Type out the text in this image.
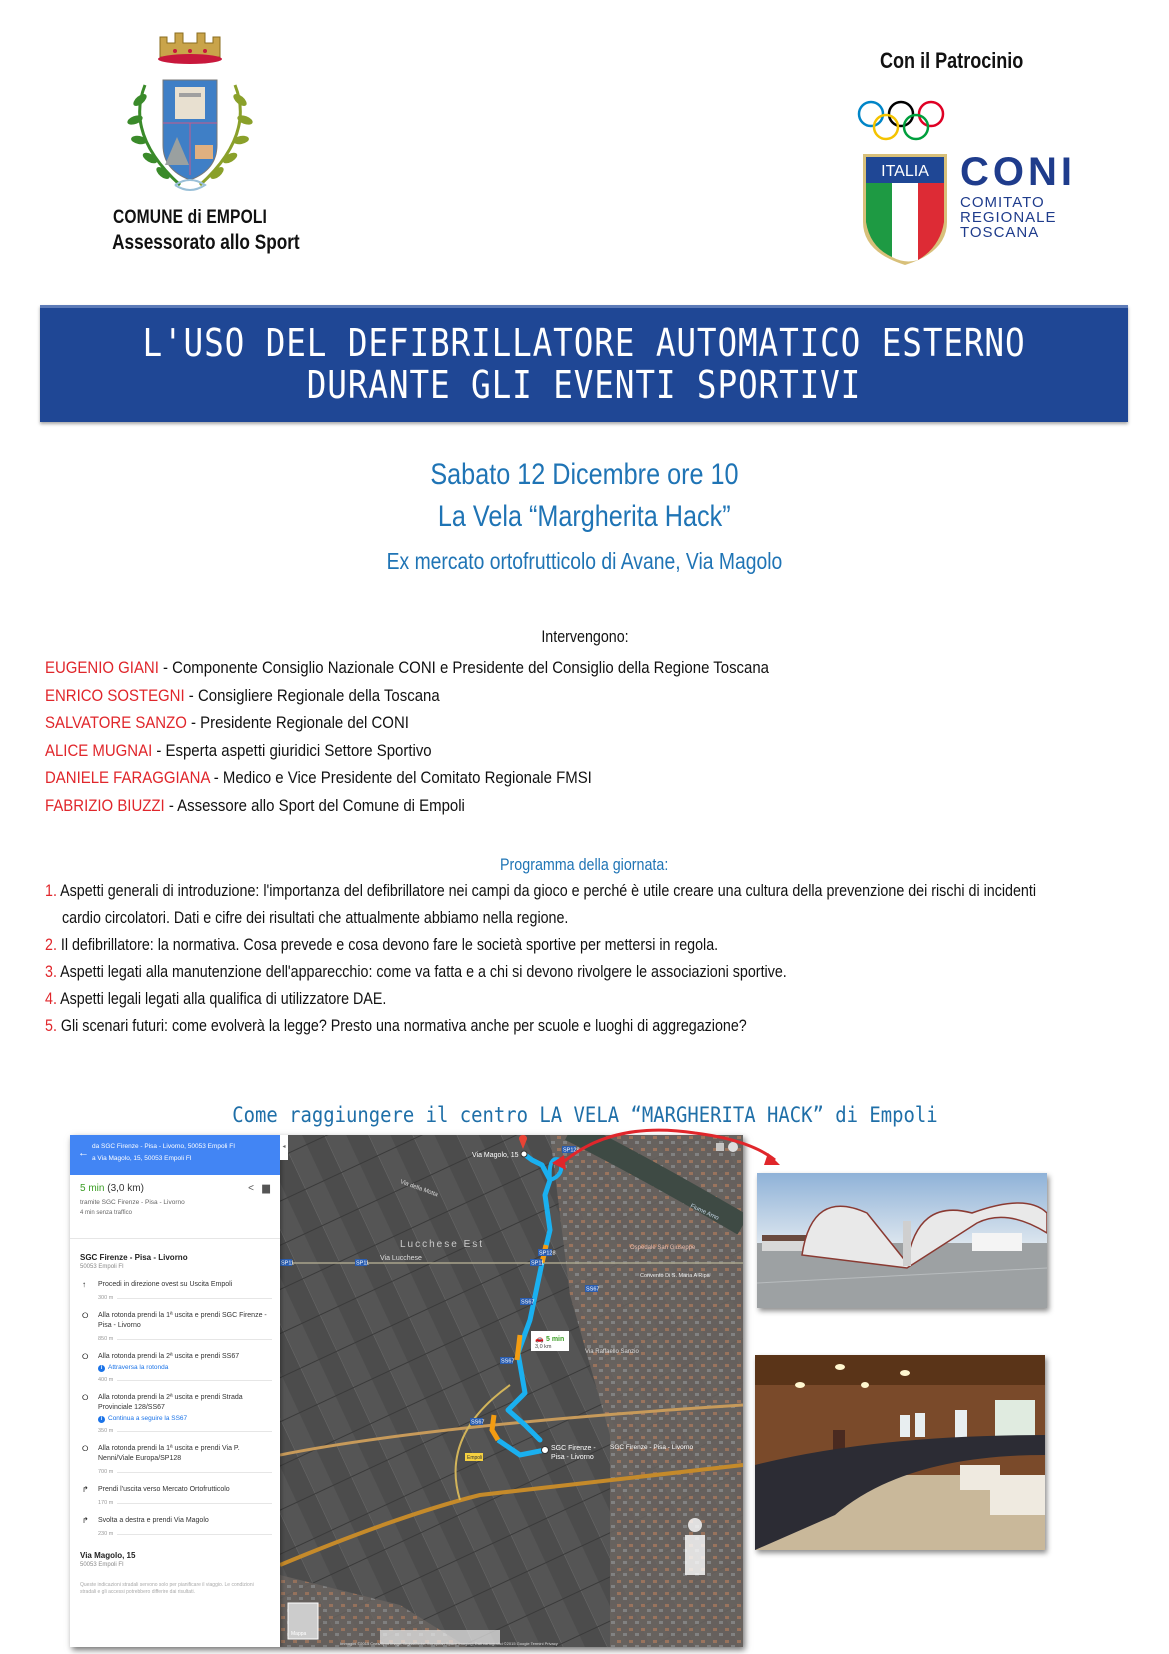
COMUNE di EMPOLI
Assessorato allo Sport
Con il Patrocinio
ITALIA CONI
COMITATO
REGIONALE
TOSCANA
L'USO DEL DEFIBRILLATORE AUTOMATICO ESTERNO
DURANTE GLI EVENTI SPORTIVI
Sabato 12 Dicembre ore 10
La Vela “Margherita Hack”
Ex mercato ortofrutticolo di Avane, Via Magolo
Intervengono:
EUGENIO GIANI - Componente Consiglio Nazionale CONI e Presidente del Consiglio della Regione Toscana
ENRICO SOSTEGNI - Consigliere Regionale della Toscana
SALVATORE SANZO - Presidente Regionale del CONI
ALICE MUGNAI - Esperta aspetti giuridici Settore Sportivo
DANIELE FARAGGIANA - Medico e Vice Presidente del Comitato Regionale FMSI
FABRIZIO BIUZZI - Assessore allo Sport del Comune di Empoli
Programma della giornata:
1. Aspetti generali di introduzione: l'importanza del defibrillatore nei campi da gioco e perché è utile creare una cultura della prevenzione dei rischi di incidenti
cardio circolatori. Dati e cifre dei risultati che attualmente abbiamo nella regione.
2. Il defibrillatore: la normativa. Cosa prevede e cosa devono fare le società sportive per mettersi in regola.
3. Aspetti legati alla manutenzione dell'apparecchio: come va fatta e a chi si devono rivolgere le associazioni sportive.
4. Aspetti legali legati alla qualifica di utilizzatore DAE.
5. Gli scenari futuri: come evolverà la legge? Presto una normativa anche per scuole e luoghi di aggregazione?
Come raggiungere il centro LA VELA “MARGHERITA HACK” di Empoli
←
da SGC Firenze - Pisa - Livorno, 50053 Empoli FI
a Via Magolo, 15, 50053 Empoli FI
5 min (3,0 km)
tramite SGC Firenze - Pisa - Livorno
4 min senza traffico
< ▆
SGC Firenze - Pisa - Livorno
50053 Empoli FI
↑ Procedi in direzione ovest su Uscita Empoli
300 m
⭘ Alla rotonda prendi la 1ª uscita e prendi SGC Firenze - Pisa - Livorno
850 m
⭘ Alla rotonda prendi la 2ª uscita e prendi SS67
i Attraversa la rotonda
400 m
⭘ Alla rotonda prendi la 2ª uscita e prendi Strada Provinciale 128/SS67
i Continua a seguire la SS67
350 m
⭘ Alla rotonda prendi la 1ª uscita e prendi Via P. Nenni/Viale Europa/SP128
700 m
↱ Prendi l'uscita verso Mercato Ortofrutticolo
170 m
↱ Svolta a destra e prendi Via Magolo
230 m
Via Magolo, 15
50053 Empoli FI
Queste indicazioni stradali servono solo per pianificare il viaggio. Le condizioni stradali e gli accessi potrebbero differire dai risultati.
◂
Via Magolo, 15
SGC Firenze -
Pisa - Livorno
SGC Firenze - Pisa - Livorno
Via Lucchese
Lucchese Est
Via della Motta
Via Raffaello Sanzio
Fiume Arno
Ospedale San Giuseppe
Convento Di S. Maria A Ripa
SP128
SP128
SP11	SP11	SP11
SS67
SS67
SS67
SS67
Empoli
🚗 5 min
3,0 km
Mappa
Immagini ©2015 Cnes/Spot Image, DigitalGlobe, European Space Imaging, Dati cartografici ©2015 Google Termini Privacy
